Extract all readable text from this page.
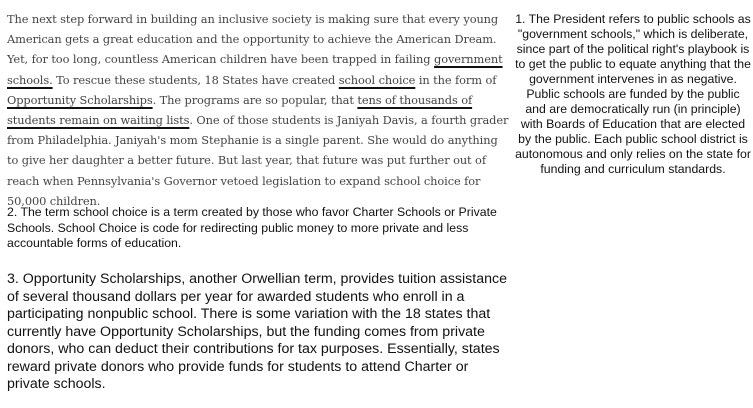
The next step forward in building an inclusive society is making sure that every young American gets a great education and the opportunity to achieve the American Dream. Yet, for too long, countless American children have been trapped in failing government schools. To rescue these students, 18 States have created school choice in the form of Opportunity Scholarships. The programs are so popular, that tens of thousands of students remain on waiting lists. One of those students is Janiyah Davis, a fourth grader from Philadelphia. Janiyah's mom Stephanie is a single parent. She would do anything to give her daughter a better future. But last year, that future was put further out of reach when Pennsylvania's Governor vetoed legislation to expand school choice for 50,000 children.
1. The President refers to public schools as "government schools," which is deliberate, since part of the political right's playbook is to get the public to equate anything that the government intervenes in as negative. Public schools are funded by the public and are democratically run (in principle) with Boards of Education that are elected by the public. Each public school district is autonomous and only relies on the state for funding and curriculum standards.
2. The term school choice is a term created by those who favor Charter Schools or Private Schools. School Choice is code for redirecting public money to more private and less accountable forms of education.
3. Opportunity Scholarships, another Orwellian term, provides tuition assistance of several thousand dollars per year for awarded students who enroll in a participating nonpublic school. There is some variation with the 18 states that currently have Opportunity Scholarships, but the funding comes from private donors, who can deduct their contributions for tax purposes. Essentially, states reward private donors who provide funds for students to attend Charter or private schools.
